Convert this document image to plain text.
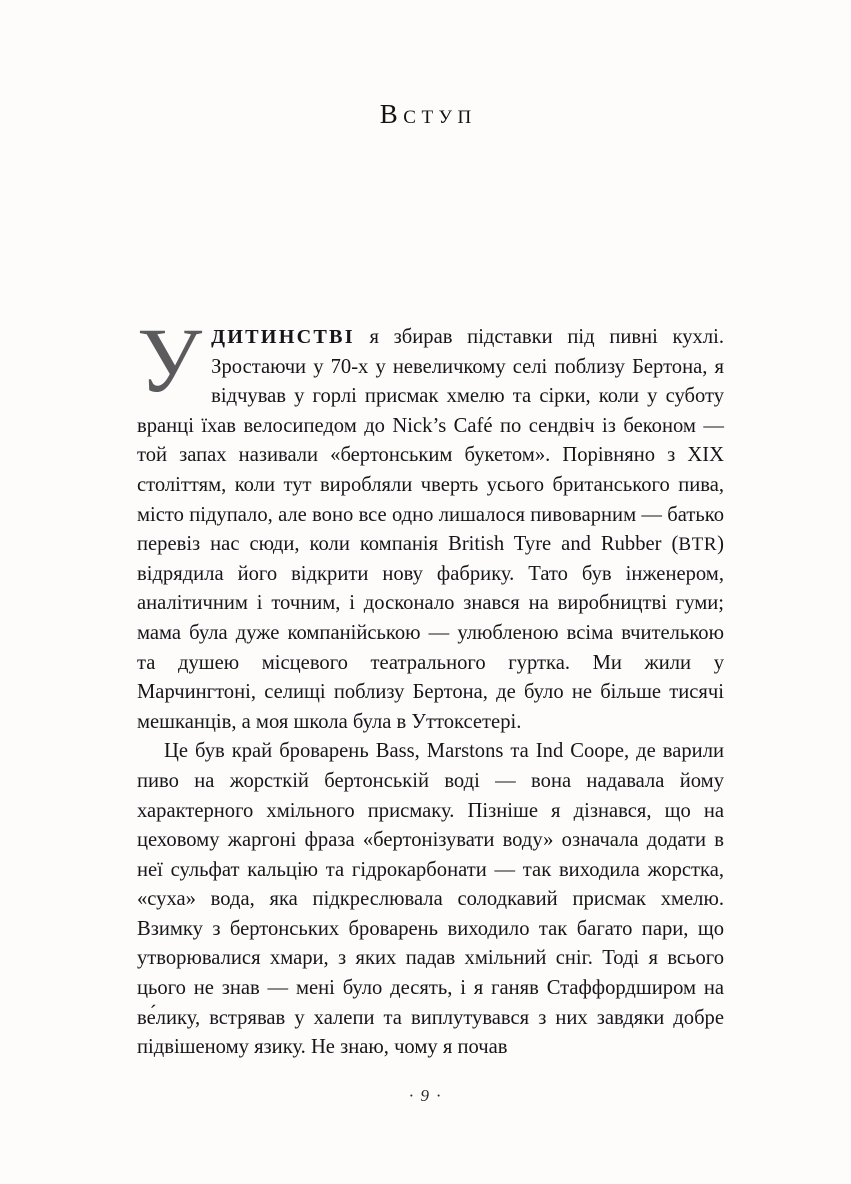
Вступ

УДИТИНСТВІ я збирав підставки під пивні кухлі. Зростаючи у 70-х у невеличкому селі поблизу Бертона, я відчував у горлі присмак хмелю та сірки, коли у суботу вранці їхав велосипедом до Nick’s Café по сендвіч із беконом — той запах називали «бертонським букетом». Порівняно з XIX століттям, коли тут виробляли чверть усього британського пива, місто підупало, але воно все одно лишалося пивоварним — батько перевіз нас сюди, коли компанія British Tyre and Rubber (BTR) відрядила його відкрити нову фабрику. Тато був інженером, аналітичним і точним, і досконало знався на виробництві гуми; мама була дуже компанійською — улюбленою всіма вчителькою та душею місцевого театрального гуртка. Ми жили у Марчингтоні, селищі поблизу Бертона, де було не більше тисячі мешканців, а моя школа була в Уттоксетері.

Це був край броварень Bass, Marstons та Ind Coope, де варили пиво на жорсткій бертонській воді — вона надавала йому характерного хмільного присмаку. Пізніше я дізнався, що на цеховому жаргоні фраза «бертонізувати воду» означала додати в неї сульфат кальцію та гідрокарбонати — так виходила жорстка, «суха» вода, яка підкреслювала солодкавий присмак хмелю. Взимку з бертонських броварень виходило так багато пари, що утворювалися хмари, з яких падав хмільний сніг. Тоді я всього цього не знав — мені було десять, і я ганяв Стаффордширом на ве́лику, встрявав у халепи та виплутувався з них завдяки добре підвішеному язику. Не знаю, чому я почав

· 9 ·
